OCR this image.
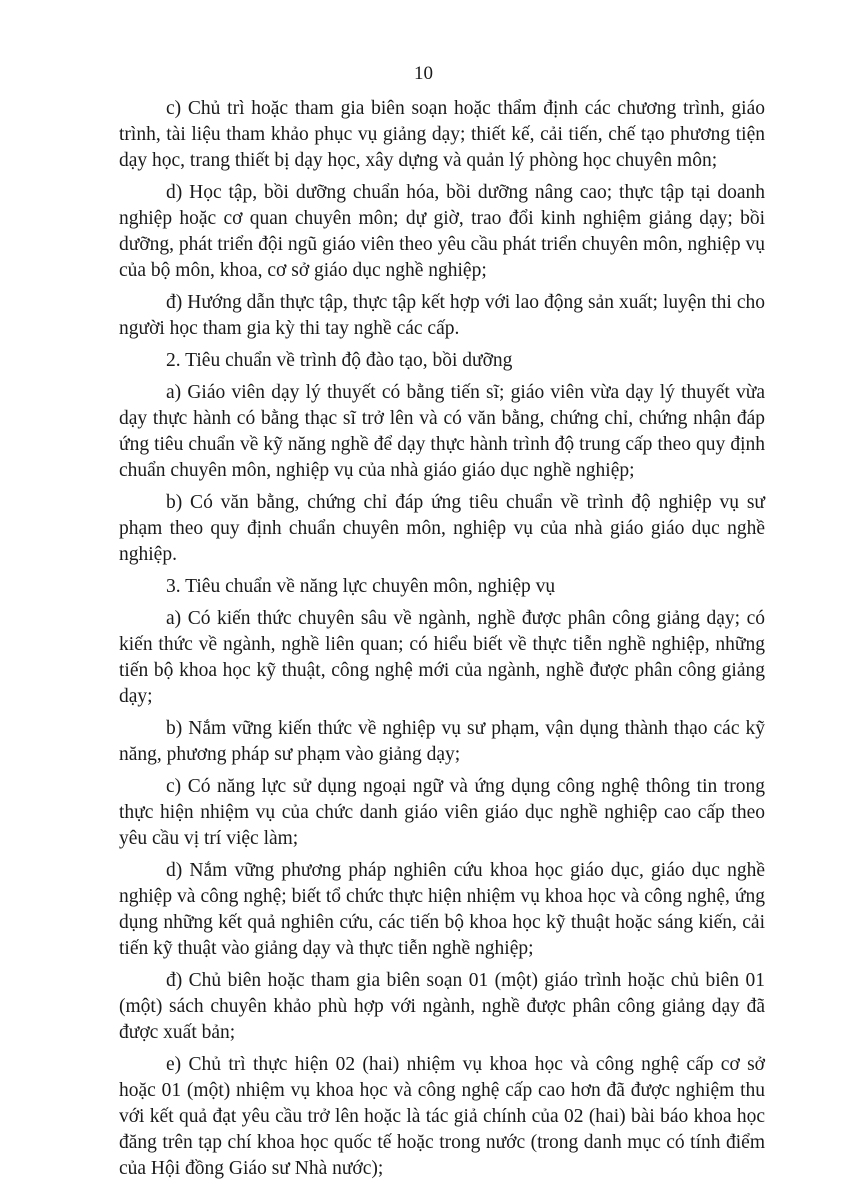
10

c) Chủ trì hoặc tham gia biên soạn hoặc thẩm định các chương trình, giáo trình, tài liệu tham khảo phục vụ giảng dạy; thiết kế, cải tiến, chế tạo phương tiện dạy học, trang thiết bị dạy học, xây dựng và quản lý phòng học chuyên môn;

d) Học tập, bồi dưỡng chuẩn hóa, bồi dưỡng nâng cao; thực tập tại doanh nghiệp hoặc cơ quan chuyên môn; dự giờ, trao đổi kinh nghiệm giảng dạy; bồi dưỡng, phát triển đội ngũ giáo viên theo yêu cầu phát triển chuyên môn, nghiệp vụ của bộ môn, khoa, cơ sở giáo dục nghề nghiệp;

đ) Hướng dẫn thực tập, thực tập kết hợp với lao động sản xuất; luyện thi cho người học tham gia kỳ thi tay nghề các cấp.

2. Tiêu chuẩn về trình độ đào tạo, bồi dưỡng

a) Giáo viên dạy lý thuyết có bằng tiến sĩ; giáo viên vừa dạy lý thuyết vừa dạy thực hành có bằng thạc sĩ trở lên và có văn bằng, chứng chỉ, chứng nhận đáp ứng tiêu chuẩn về kỹ năng nghề để dạy thực hành trình độ trung cấp theo quy định chuẩn chuyên môn, nghiệp vụ của nhà giáo giáo dục nghề nghiệp;

b) Có văn bằng, chứng chỉ đáp ứng tiêu chuẩn về trình độ nghiệp vụ sư phạm theo quy định chuẩn chuyên môn, nghiệp vụ của nhà giáo giáo dục nghề nghiệp.

3. Tiêu chuẩn về năng lực chuyên môn, nghiệp vụ

a) Có kiến thức chuyên sâu về ngành, nghề được phân công giảng dạy; có kiến thức về ngành, nghề liên quan; có hiểu biết về thực tiễn nghề nghiệp, những tiến bộ khoa học kỹ thuật, công nghệ mới của ngành, nghề được phân công giảng dạy;

b) Nắm vững kiến thức về nghiệp vụ sư phạm, vận dụng thành thạo các kỹ năng, phương pháp sư phạm vào giảng dạy;

c) Có năng lực sử dụng ngoại ngữ và ứng dụng công nghệ thông tin trong thực hiện nhiệm vụ của chức danh giáo viên giáo dục nghề nghiệp cao cấp theo yêu cầu vị trí việc làm;

d) Nắm vững phương pháp nghiên cứu khoa học giáo dục, giáo dục nghề nghiệp và công nghệ; biết tổ chức thực hiện nhiệm vụ khoa học và công nghệ, ứng dụng những kết quả nghiên cứu, các tiến bộ khoa học kỹ thuật hoặc sáng kiến, cải tiến kỹ thuật vào giảng dạy và thực tiễn nghề nghiệp;

đ) Chủ biên hoặc tham gia biên soạn 01 (một) giáo trình hoặc chủ biên 01 (một) sách chuyên khảo phù hợp với ngành, nghề được phân công giảng dạy đã được xuất bản;

e) Chủ trì thực hiện 02 (hai) nhiệm vụ khoa học và công nghệ cấp cơ sở hoặc 01 (một) nhiệm vụ khoa học và công nghệ cấp cao hơn đã được nghiệm thu với kết quả đạt yêu cầu trở lên hoặc là tác giả chính của 02 (hai) bài báo khoa học đăng trên tạp chí khoa học quốc tế hoặc trong nước (trong danh mục có tính điểm của Hội đồng Giáo sư Nhà nước);
